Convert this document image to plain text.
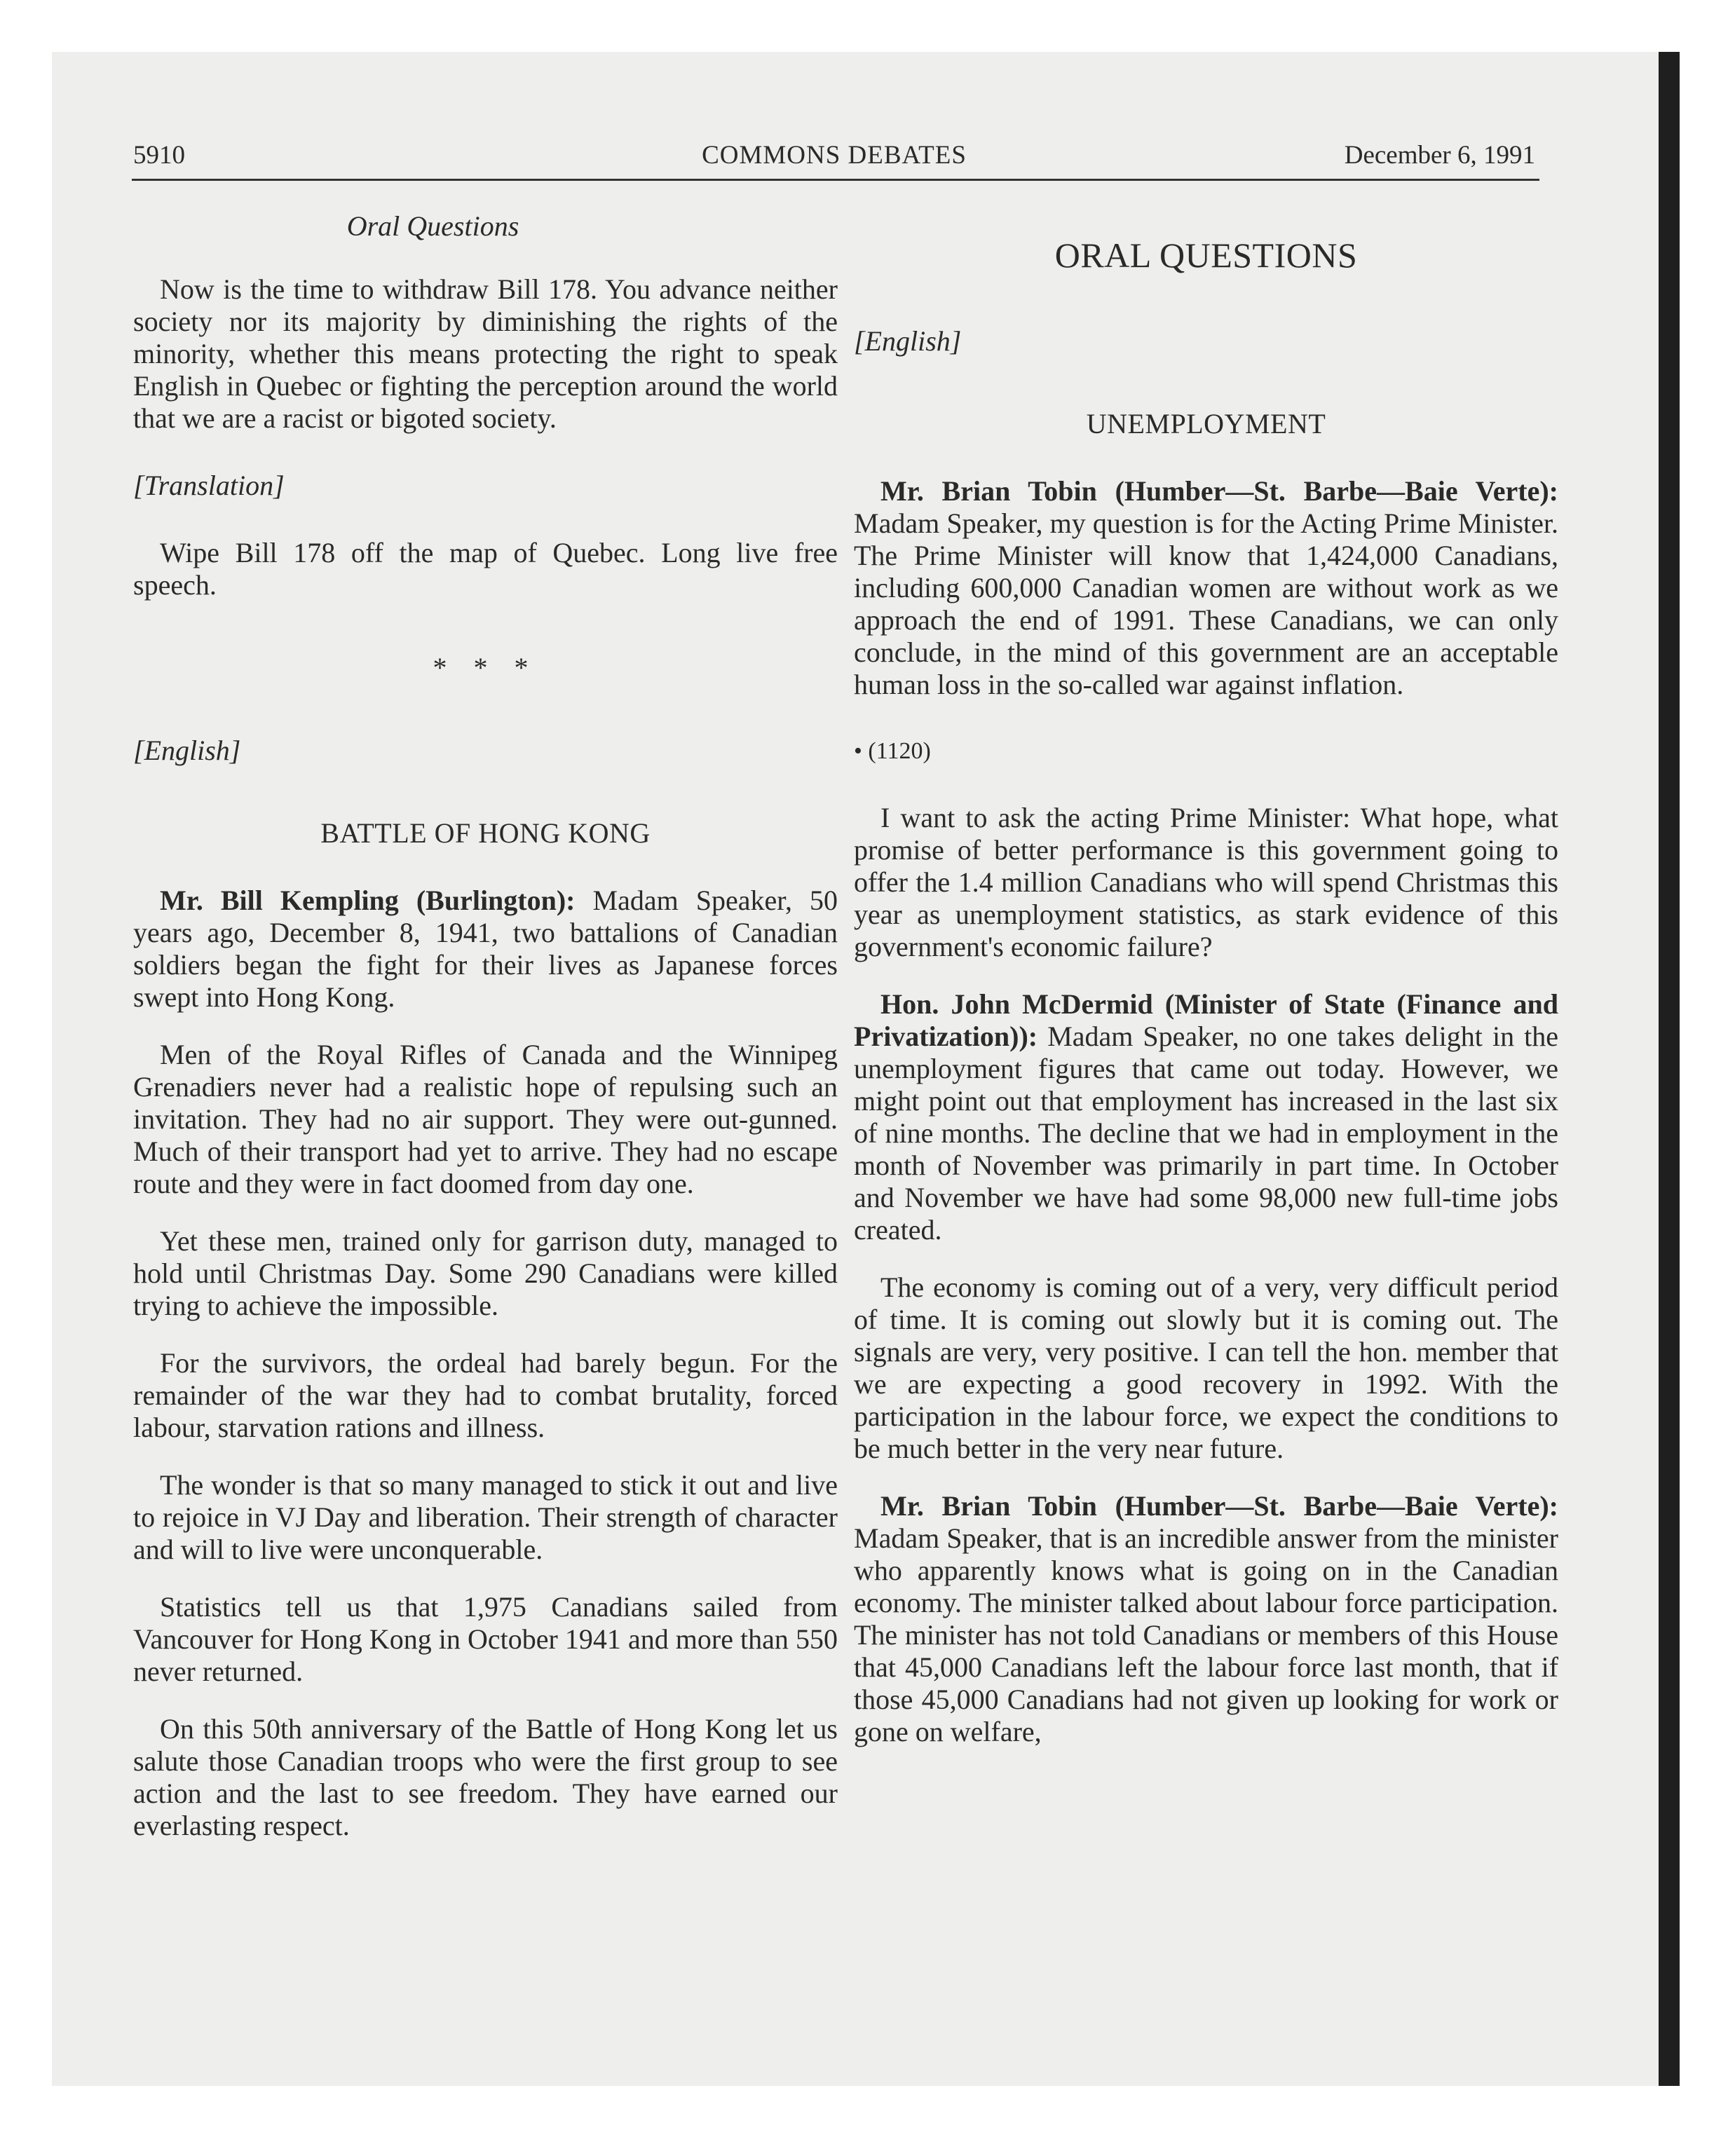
5910	COMMONS DEBATES	December 6, 1991
Oral Questions

Now is the time to withdraw Bill 178. You advance neither society nor its majority by diminishing the rights of the minority, whether this means protecting the right to speak English in Quebec or fighting the perception around the world that we are a racist or bigoted society.

[Translation]

Wipe Bill 178 off the map of Quebec. Long live free speech.

* * *
[English]
BATTLE OF HONG KONG

Mr. Bill Kempling (Burlington): Madam Speaker, 50 years ago, December 8, 1941, two battalions of Canadian soldiers began the fight for their lives as Japanese forces swept into Hong Kong.

Men of the Royal Rifles of Canada and the Winnipeg Grenadiers never had a realistic hope of repulsing such an invitation. They had no air support. They were out-gunned. Much of their transport had yet to arrive. They had no escape route and they were in fact doomed from day one.

Yet these men, trained only for garrison duty, managed to hold until Christmas Day. Some 290 Canadians were killed trying to achieve the impossible.

For the survivors, the ordeal had barely begun. For the remainder of the war they had to combat brutality, forced labour, starvation rations and illness.

The wonder is that so many managed to stick it out and live to rejoice in VJ Day and liberation. Their strength of character and will to live were unconquerable.

Statistics tell us that 1,975 Canadians sailed from Vancouver for Hong Kong in October 1941 and more than 550 never returned.

On this 50th anniversary of the Battle of Hong Kong let us salute those Canadian troops who were the first group to see action and the last to see freedom. They have earned our everlasting respect.

ORAL QUESTIONS
[English]
UNEMPLOYMENT

Mr. Brian Tobin (Humber—St. Barbe—Baie Verte): Madam Speaker, my question is for the Acting Prime Minister. The Prime Minister will know that 1,424,000 Canadians, including 600,000 Canadian women are without work as we approach the end of 1991. These Canadians, we can only conclude, in the mind of this government are an acceptable human loss in the so-called war against inflation.

• (1120)

I want to ask the acting Prime Minister: What hope, what promise of better performance is this government going to offer the 1.4 million Canadians who will spend Christmas this year as unemployment statistics, as stark evidence of this government's economic failure?

Hon. John McDermid (Minister of State (Finance and Privatization)): Madam Speaker, no one takes delight in the unemployment figures that came out today. However, we might point out that employment has increased in the last six of nine months. The decline that we had in employment in the month of November was primarily in part time. In October and November we have had some 98,000 new full-time jobs created.

The economy is coming out of a very, very difficult period of time. It is coming out slowly but it is coming out. The signals are very, very positive. I can tell the hon. member that we are expecting a good recovery in 1992. With the participation in the labour force, we expect the conditions to be much better in the very near future.

Mr. Brian Tobin (Humber—St. Barbe—Baie Verte): Madam Speaker, that is an incredible answer from the minister who apparently knows what is going on in the Canadian economy. The minister talked about labour force participation. The minister has not told Canadians or members of this House that 45,000 Canadians left the labour force last month, that if those 45,000 Canadians had not given up looking for work or gone on welfare,
